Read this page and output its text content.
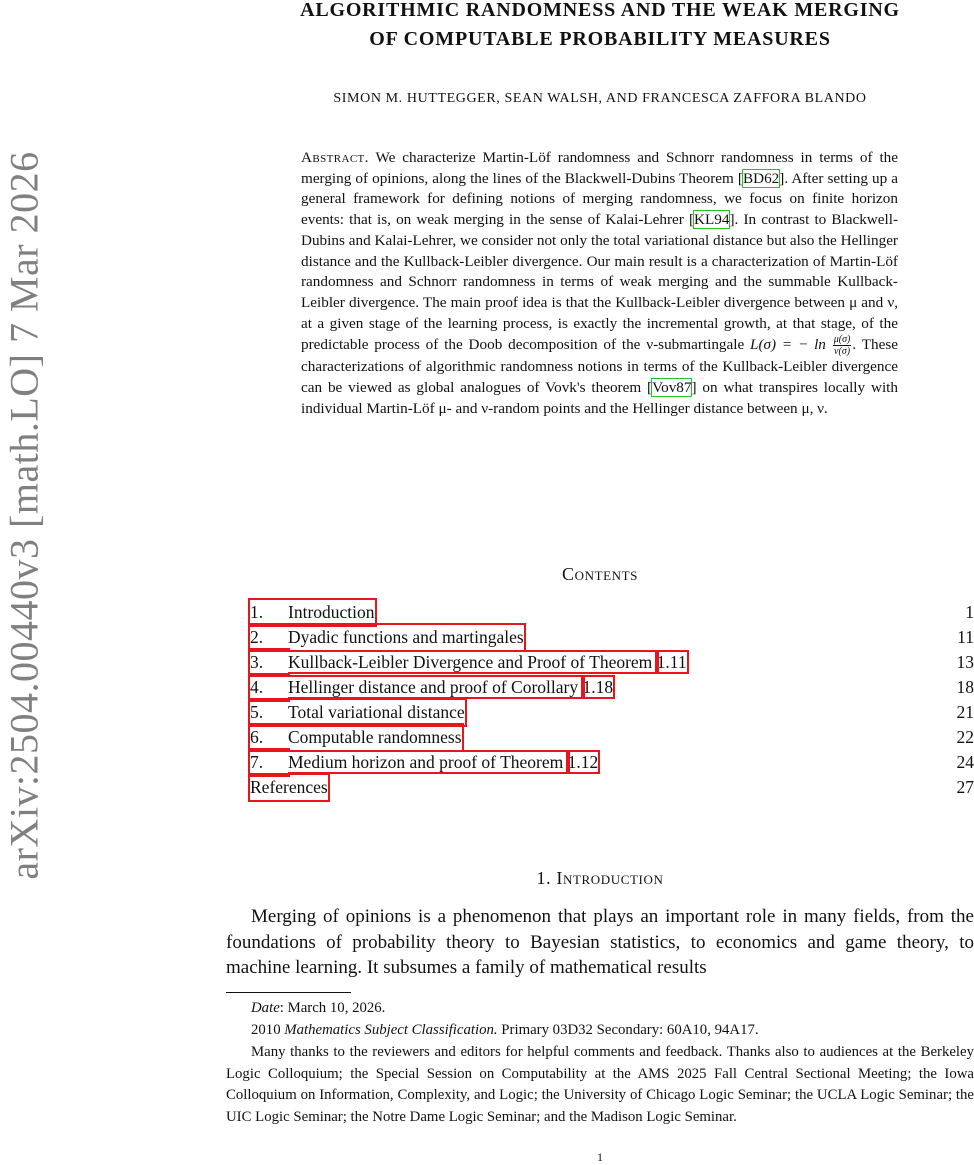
arXiv:2504.00440v3 [math.LO] 7 Mar 2026
ALGORITHMIC RANDOMNESS AND THE WEAK MERGING
OF COMPUTABLE PROBABILITY MEASURES
SIMON M. HUTTEGGER, SEAN WALSH, AND FRANCESCA ZAFFORA BLANDO
Abstract. We characterize Martin-Löf randomness and Schnorr randomness in terms of the merging of opinions, along the lines of the Blackwell-Dubins Theorem [BD62]. After setting up a general framework for defining notions of merging randomness, we focus on finite horizon events: that is, on weak merging in the sense of Kalai-Lehrer [KL94]. In contrast to Blackwell-Dubins and Kalai-Lehrer, we consider not only the total variational distance but also the Hellinger distance and the Kullback-Leibler divergence. Our main result is a characterization of Martin-Löf randomness and Schnorr randomness in terms of weak merging and the summable Kullback-Leibler divergence. The main proof idea is that the Kullback-Leibler divergence between μ and ν, at a given stage of the learning process, is exactly the incremental growth, at that stage, of the predictable process of the Doob decomposition of the ν-submartingale L(σ) = − $\ln \frac{\mu(\sigma)}{\nu(\sigma)}$ . These characterizations of algorithmic randomness notions in terms of the Kullback-Leibler divergence can be viewed as global analogues of Vovk's theorem [Vov87] on what transpires locally with individual Martin-Löf μ- and ν-random points and the Hellinger distance between μ, ν.
Contents
1. Introduction	1
2. Dyadic functions and martingales	11
3. Kullback-Leibler Divergence and Proof of Theorem 1.11	13
4. Hellinger distance and proof of Corollary 1.18	18
5. Total variational distance	21
6. Computable randomness	22
7. Medium horizon and proof of Theorem 1.12	24
References	27
1. Introduction

Merging of opinions is a phenomenon that plays an important role in many fields, from the foundations of probability theory to Bayesian statistics, to economics and game theory, to machine learning. It subsumes a family of mathematical results

Date: March 10, 2026.

2010 Mathematics Subject Classification. Primary 03D32 Secondary: 60A10, 94A17.

Many thanks to the reviewers and editors for helpful comments and feedback. Thanks also to audiences at the Berkeley Logic Colloquium; the Special Session on Computability at the AMS 2025 Fall Central Sectional Meeting; the Iowa Colloquium on Information, Complexity, and Logic; the University of Chicago Logic Seminar; the UCLA Logic Seminar; the UIC Logic Seminar; the Notre Dame Logic Seminar; and the Madison Logic Seminar.

1
